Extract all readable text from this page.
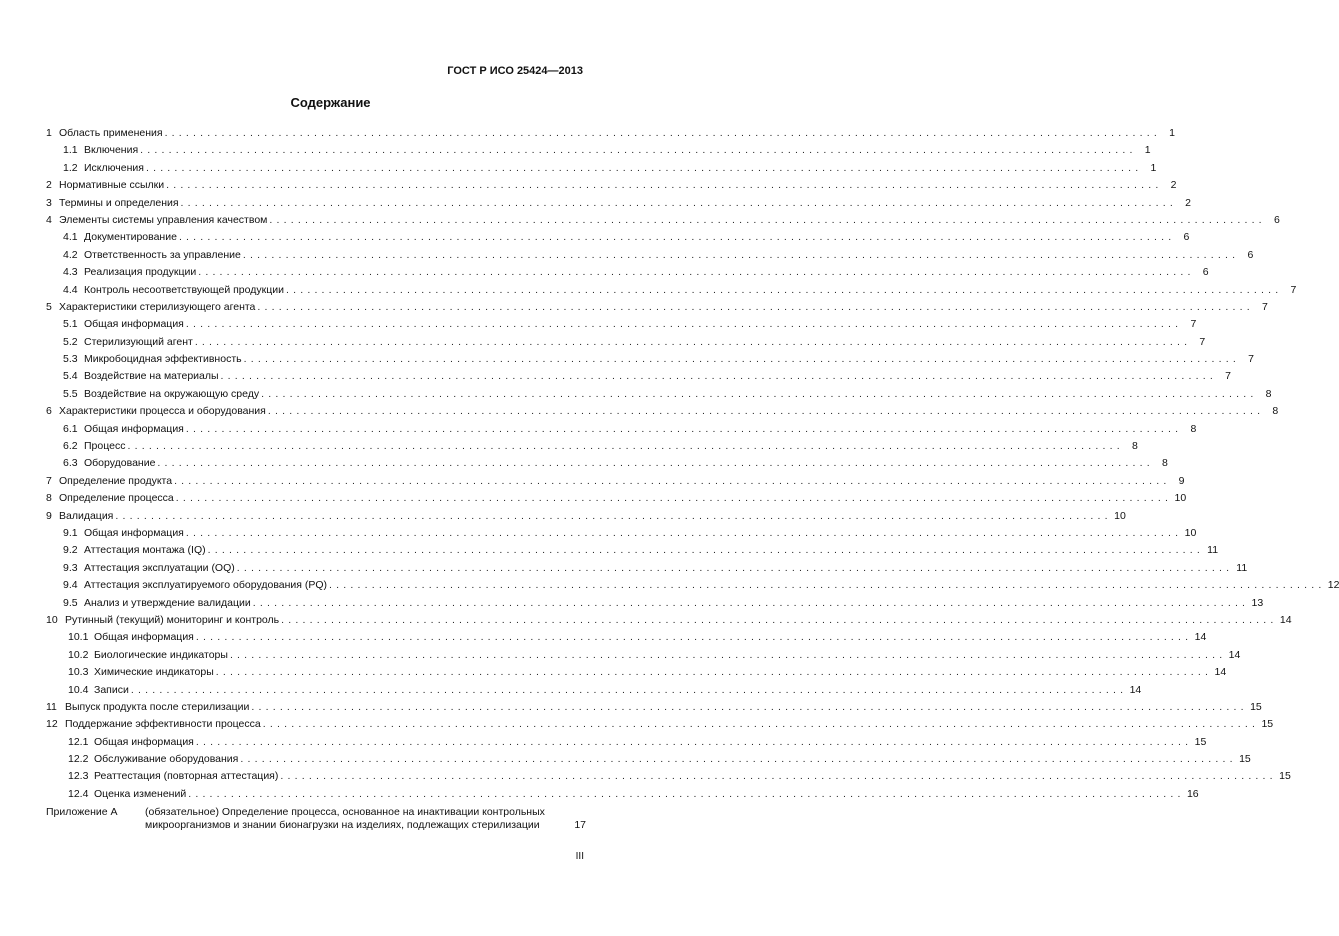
ГОСТ Р ИСО 25424—2013
Содержание
1 Область применения ............................................................................................................................................ 1
1.1 Включения ............................................................................................................................................ 1
1.2 Исключения ............................................................................................................................................ 1
2 Нормативные ссылки ............................................................................................................................................ 2
3 Термины и определения ............................................................................................................................................ 2
4 Элементы системы управления качеством ............................................................................................................................................ 6
4.1 Документирование ............................................................................................................................................ 6
4.2 Ответственность за управление ............................................................................................................................................ 6
4.3 Реализация продукции ............................................................................................................................................ 6
4.4 Контроль несоответствующей продукции ............................................................................................................................................ 7
5 Характеристики стерилизующего агента ............................................................................................................................................ 7
5.1 Общая информация ............................................................................................................................................ 7
5.2 Стерилизующий агент ............................................................................................................................................ 7
5.3 Микробоцидная эффективность ............................................................................................................................................ 7
5.4 Воздействие на материалы ............................................................................................................................................ 7
5.5 Воздействие на окружающую среду ............................................................................................................................................ 8
6 Характеристики процесса и оборудования ............................................................................................................................................ 8
6.1 Общая информация ............................................................................................................................................ 8
6.2 Процесс ............................................................................................................................................ 8
6.3 Оборудование ............................................................................................................................................ 8
7 Определение продукта ............................................................................................................................................ 9
8 Определение процесса ............................................................................................................................................ 10
9 Валидация ............................................................................................................................................ 10
9.1 Общая информация ............................................................................................................................................ 10
9.2 Аттестация монтажа (IQ) ............................................................................................................................................ 11
9.3 Аттестация эксплуатации (OQ) ............................................................................................................................................ 11
9.4 Аттестация эксплуатируемого оборудования (PQ) ............................................................................................................................................ 12
9.5 Анализ и утверждение валидации ............................................................................................................................................ 13
10 Рутинный (текущий) мониторинг и контроль ............................................................................................................................................ 14
10.1 Общая информация ............................................................................................................................................ 14
10.2 Биологические индикаторы ............................................................................................................................................ 14
10.3 Химические индикаторы ............................................................................................................................................ 14
10.4 Записи ............................................................................................................................................ 14
11 Выпуск продукта после стерилизации ............................................................................................................................................ 15
12 Поддержание эффективности процесса ............................................................................................................................................ 15
12.1 Общая информация ............................................................................................................................................ 15
12.2 Обслуживание оборудования ............................................................................................................................................ 15
12.3 Реаттестация (повторная аттестация) ............................................................................................................................................ 15
12.4 Оценка изменений ............................................................................................................................................ 16
Приложение А	(обязательное) Определение процесса, основанное на инактивации контрольных
микроорганизмов и знании бионагрузки на изделиях, подлежащих стерилизации	17
III
